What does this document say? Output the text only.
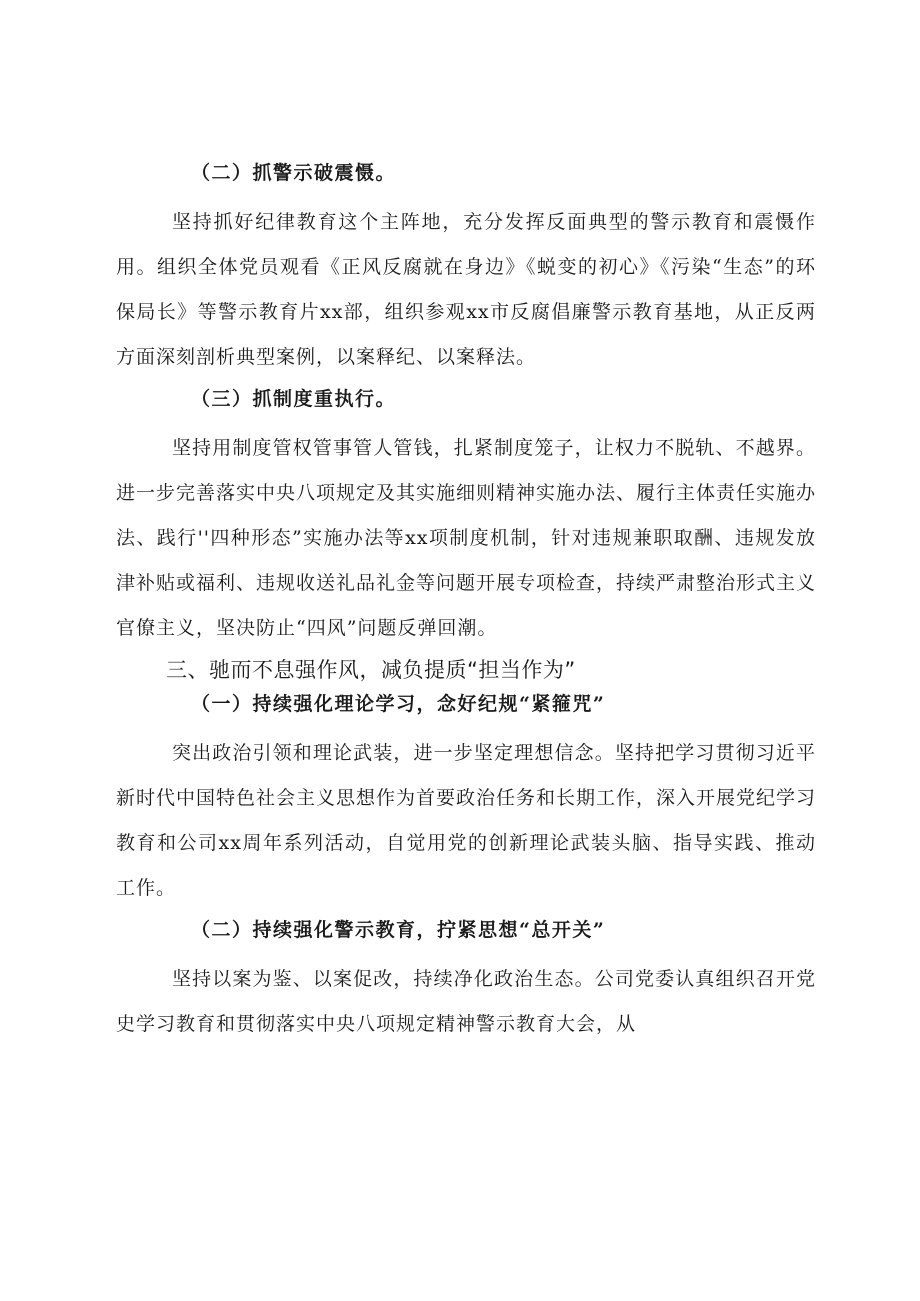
（二）抓警示破震慑。
坚持抓好纪律教育这个主阵地，充分发挥反面典型的警示教育和震慑作用。组织全体党员观看《正风反腐就在身边》《蜕变的初心》《污染“生态”的环保局长》等警示教育片xx部，组织参观xx市反腐倡廉警示教育基地，从正反两方面深刻剖析典型案例，以案释纪、以案释法。
（三）抓制度重执行。
坚持用制度管权管事管人管钱，扎紧制度笼子，让权力不脱轨、不越界。进一步完善落实中央八项规定及其实施细则精神实施办法、履行主体责任实施办法、践行''四种形态”实施办法等xx项制度机制，针对违规兼职取酬、违规发放津补贴或福利、违规收送礼品礼金等问题开展专项检查，持续严肃整治形式主义官僚主义，坚决防止“四风”问题反弹回潮。
三、驰而不息强作风，减负提质“担当作为”
（一）持续强化理论学习，念好纪规“紧箍咒”
突出政治引领和理论武装，进一步坚定理想信念。坚持把学习贯彻习近平新时代中国特色社会主义思想作为首要政治任务和长期工作，深入开展党纪学习教育和公司xx周年系列活动，自觉用党的创新理论武装头脑、指导实践、推动工作。
（二）持续强化警示教育，拧紧思想“总开关”
坚持以案为鉴、以案促改，持续净化政治生态。公司党委认真组织召开党史学习教育和贯彻落实中央八项规定精神警示教育大会，从
